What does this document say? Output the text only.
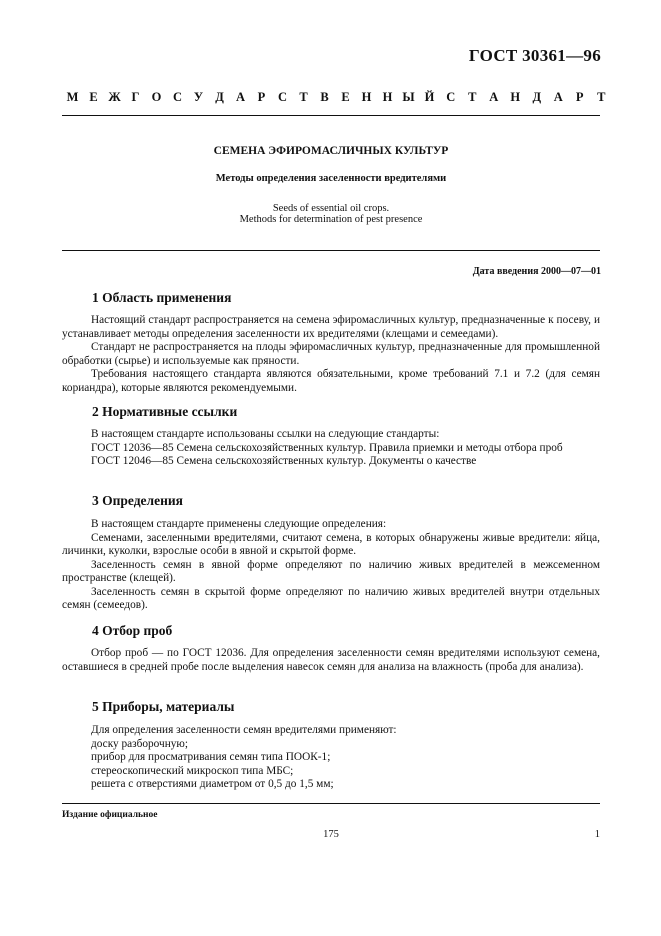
ГОСТ 30361—96
М Е Ж Г О С У Д А	Р	С Т	В	Е Н Н Ы Й С	Т	А Н Д	А	Р	Т
СЕМЕНА ЭФИРОМАСЛИЧНЫХ КУЛЬТУР
Методы определения заселенности вредителями
Seeds of essential oil crops.
Methods for determination of pest presence
Дата введения 2000—07—01
1 Область применения

Настоящий стандарт распространяется на семена эфиромасличных культур, предназначенные к посеву, и устанавливает методы определения заселенности их вредителями (клещами и семеедами).

Стандарт не распространяется на плоды эфиромасличных культур, предназначенные для промышленной обработки (сырье) и используемые как пряности.

Требования настоящего стандарта являются обязательными, кроме требований 7.1 и 7.2 (для семян кориандра), которые являются рекомендуемыми.

2 Нормативные ссылки

В настоящем стандарте использованы ссылки на следующие стандарты:

ГОСТ 12036—85 Семена сельскохозяйственных культур. Правила приемки и методы отбора проб

ГОСТ 12046—85 Семена сельскохозяйственных культур. Документы о качестве

3 Определения

В настоящем стандарте применены следующие определения:

Семенами, заселенными вредителями, считают семена, в которых обнаружены живые вредители: яйца, личинки, куколки, взрослые особи в явной и скрытой форме.

Заселенность семян в явной форме определяют по наличию живых вредителей в межсеменном пространстве (клещей).

Заселенность семян в скрытой форме определяют по наличию живых вредителей внутри отдельных семян (семеедов).

4 Отбор проб

Отбор проб — по ГОСТ 12036. Для определения заселенности семян вредителями используют семена, оставшиеся в средней пробе после выделения навесок семян для анализа на влажность (проба для анализа).

5 Приборы, материалы

Для определения заселенности семян вредителями применяют:

доску разборочную;

прибор для просматривания семян типа ПООК-1;

стереоскопический микроскоп типа МБС;

решета с отверстиями диаметром от 0,5 до 1,5 мм;

Издание официальное
175	1
